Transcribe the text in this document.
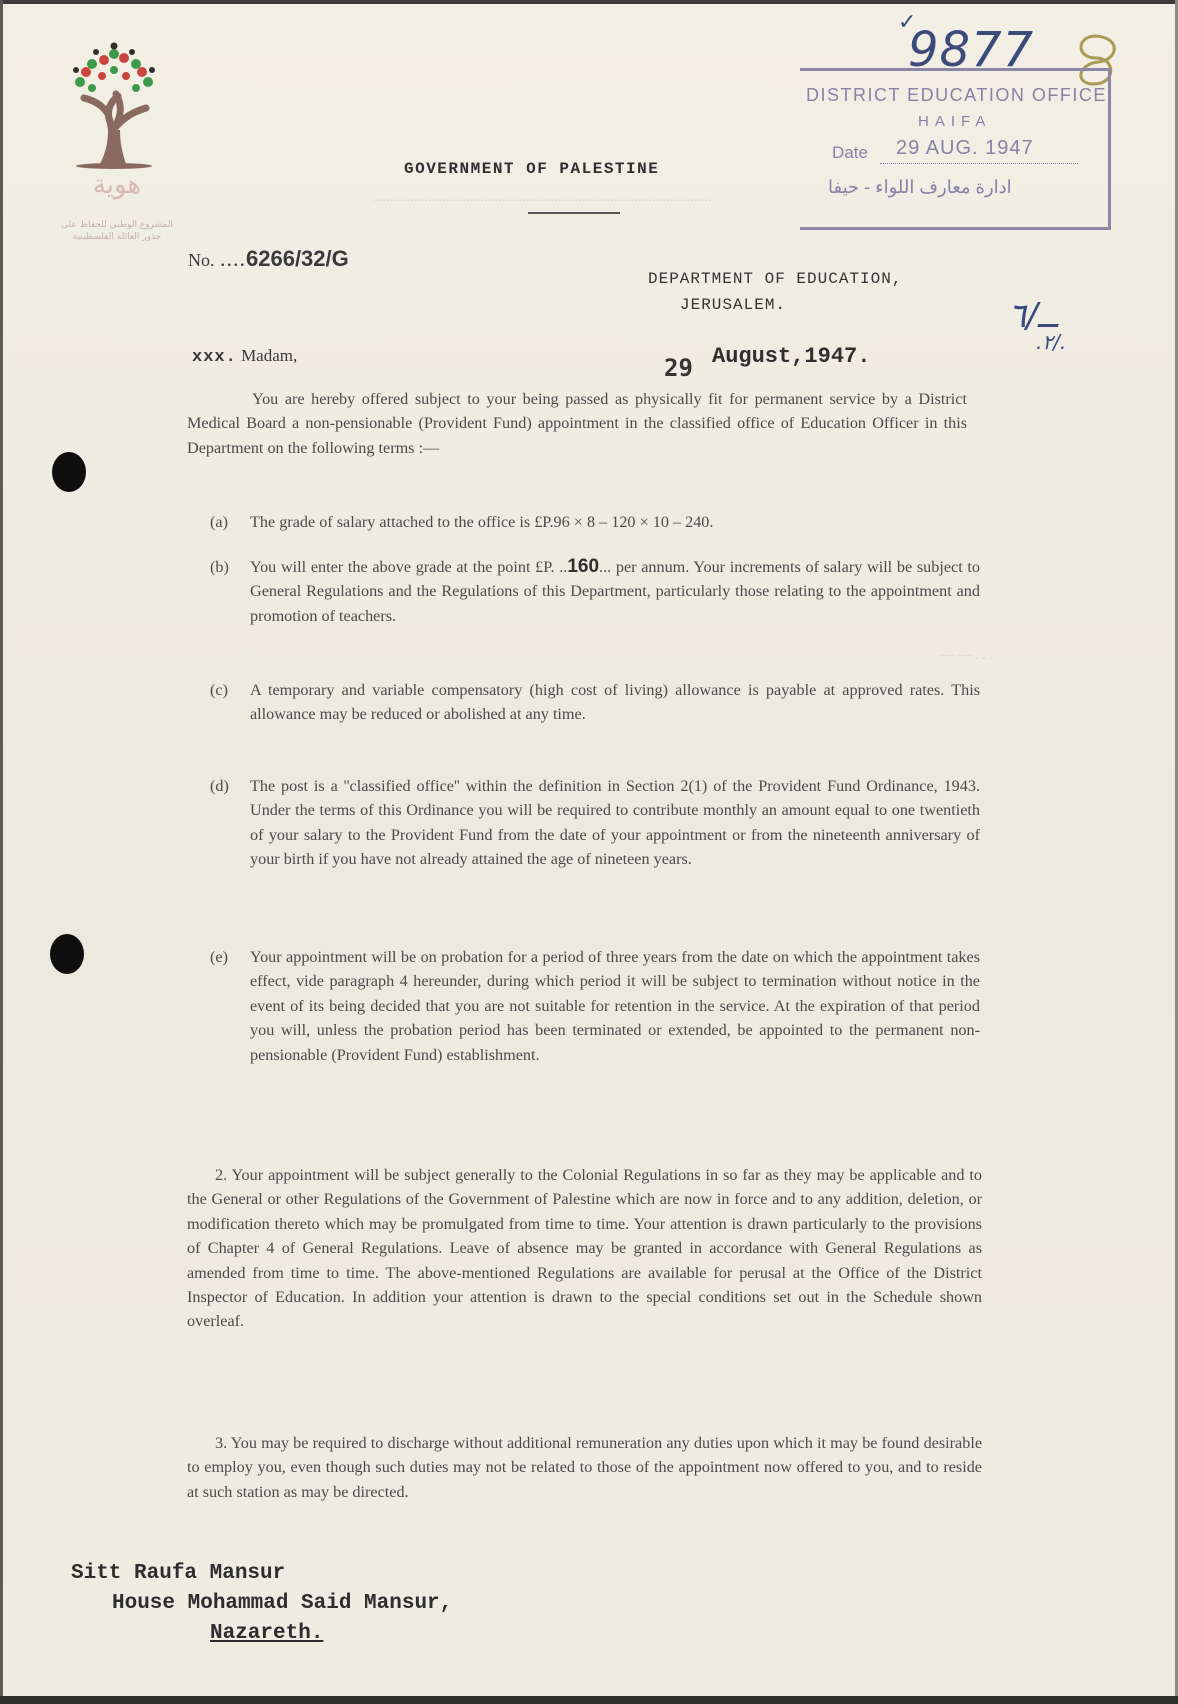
.................................................................................................
— — . . .
هوية
المشروع الوطني للحفاظ على
جذور العائلة الفلسطينية
✓
9877
ــ/٦
.٢/.
DISTRICT EDUCATION OFFICE
HAIFA
Date 29 AUG. 1947
ادارة معارف اللواء - حيفا
GOVERNMENT OF PALESTINE
No. ....6266/32/G
DEPARTMENT OF EDUCATION,
JERUSALEM.
xxx. Madam,	29 August,1947.
You are hereby offered subject to your being passed as physically fit for permanent service by a District Medical Board a non-pensionable (Provident Fund) appointment in the classified office of Education Officer in this Department on the following terms :—
(a) The grade of salary attached to the office is £P.96 × 8 – 120 × 10 – 240.
(b) You will enter the above grade at the point £P. ..160... per annum. Your increments of salary will be subject to General Regulations and the Regulations of this Department, particularly those relating to the appointment and promotion of teachers.
(c) A temporary and variable compensatory (high cost of living) allowance is payable at approved rates. This allowance may be reduced or abolished at any time.
(d) The post is a ''classified office'' within the definition in Section 2(1) of the Provident Fund Ordinance, 1943. Under the terms of this Ordinance you will be required to contribute monthly an amount equal to one twentieth of your salary to the Provident Fund from the date of your appointment or from the nineteenth anniversary of your birth if you have not already attained the age of nineteen years.
(e) Your appointment will be on probation for a period of three years from the date on which the appointment takes effect, vide paragraph 4 hereunder, during which period it will be subject to termination without notice in the event of its being decided that you are not suitable for retention in the service. At the expiration of that period you will, unless the probation period has been terminated or extended, be appointed to the permanent non-pensionable (Provident Fund) establishment.
2. Your appointment will be subject generally to the Colonial Regulations in so far as they may be applicable and to the General or other Regulations of the Government of Palestine which are now in force and to any addition, deletion, or modification thereto which may be promulgated from time to time. Your attention is drawn particularly to the provisions of Chapter 4 of General Regulations. Leave of absence may be granted in accordance with General Regulations as amended from time to time. The above-mentioned Regulations are available for perusal at the Office of the District Inspector of Education. In addition your attention is drawn to the special conditions set out in the Schedule shown overleaf.
3. You may be required to discharge without additional remuneration any duties upon which it may be found desirable to employ you, even though such duties may not be related to those of the appointment now offered to you, and to reside at such station as may be directed.
Sitt Raufa Mansur
House Mohammad Said Mansur,
Nazareth.
